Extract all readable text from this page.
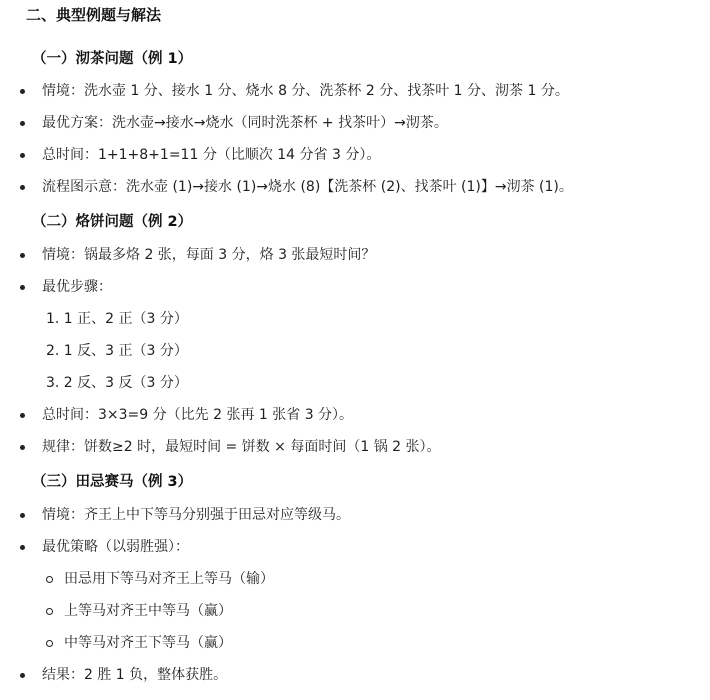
二、典型例题与解法
（一）沏茶问题（例 1）
情境：洗水壶 1 分、接水 1 分、烧水 8 分、洗茶杯 2 分、找茶叶 1 分、沏茶 1 分。
最优方案：洗水壶→接水→烧水（同时洗茶杯 + 找茶叶）→沏茶。
总时间：1+1+8+1=11 分（比顺次 14 分省 3 分）。
流程图示意：洗水壶 (1)→接水 (1)→烧水 (8)【洗茶杯 (2)、找茶叶 (1)】→沏茶 (1)。
（二）烙饼问题（例 2）
情境：锅最多烙 2 张，每面 3 分，烙 3 张最短时间？
最优步骤：
1. 1 正、2 正（3 分）
2. 1 反、3 正（3 分）
3. 2 反、3 反（3 分）
总时间：3×3=9 分（比先 2 张再 1 张省 3 分）。
规律：饼数≥2 时，最短时间 = 饼数 × 每面时间（1 锅 2 张）。
（三）田忌赛马（例 3）
情境：齐王上中下等马分别强于田忌对应等级马。
最优策略（以弱胜强）：
田忌用下等马对齐王上等马（输）
上等马对齐王中等马（赢）
中等马对齐王下等马（赢）
结果：2 胜 1 负，整体获胜。
